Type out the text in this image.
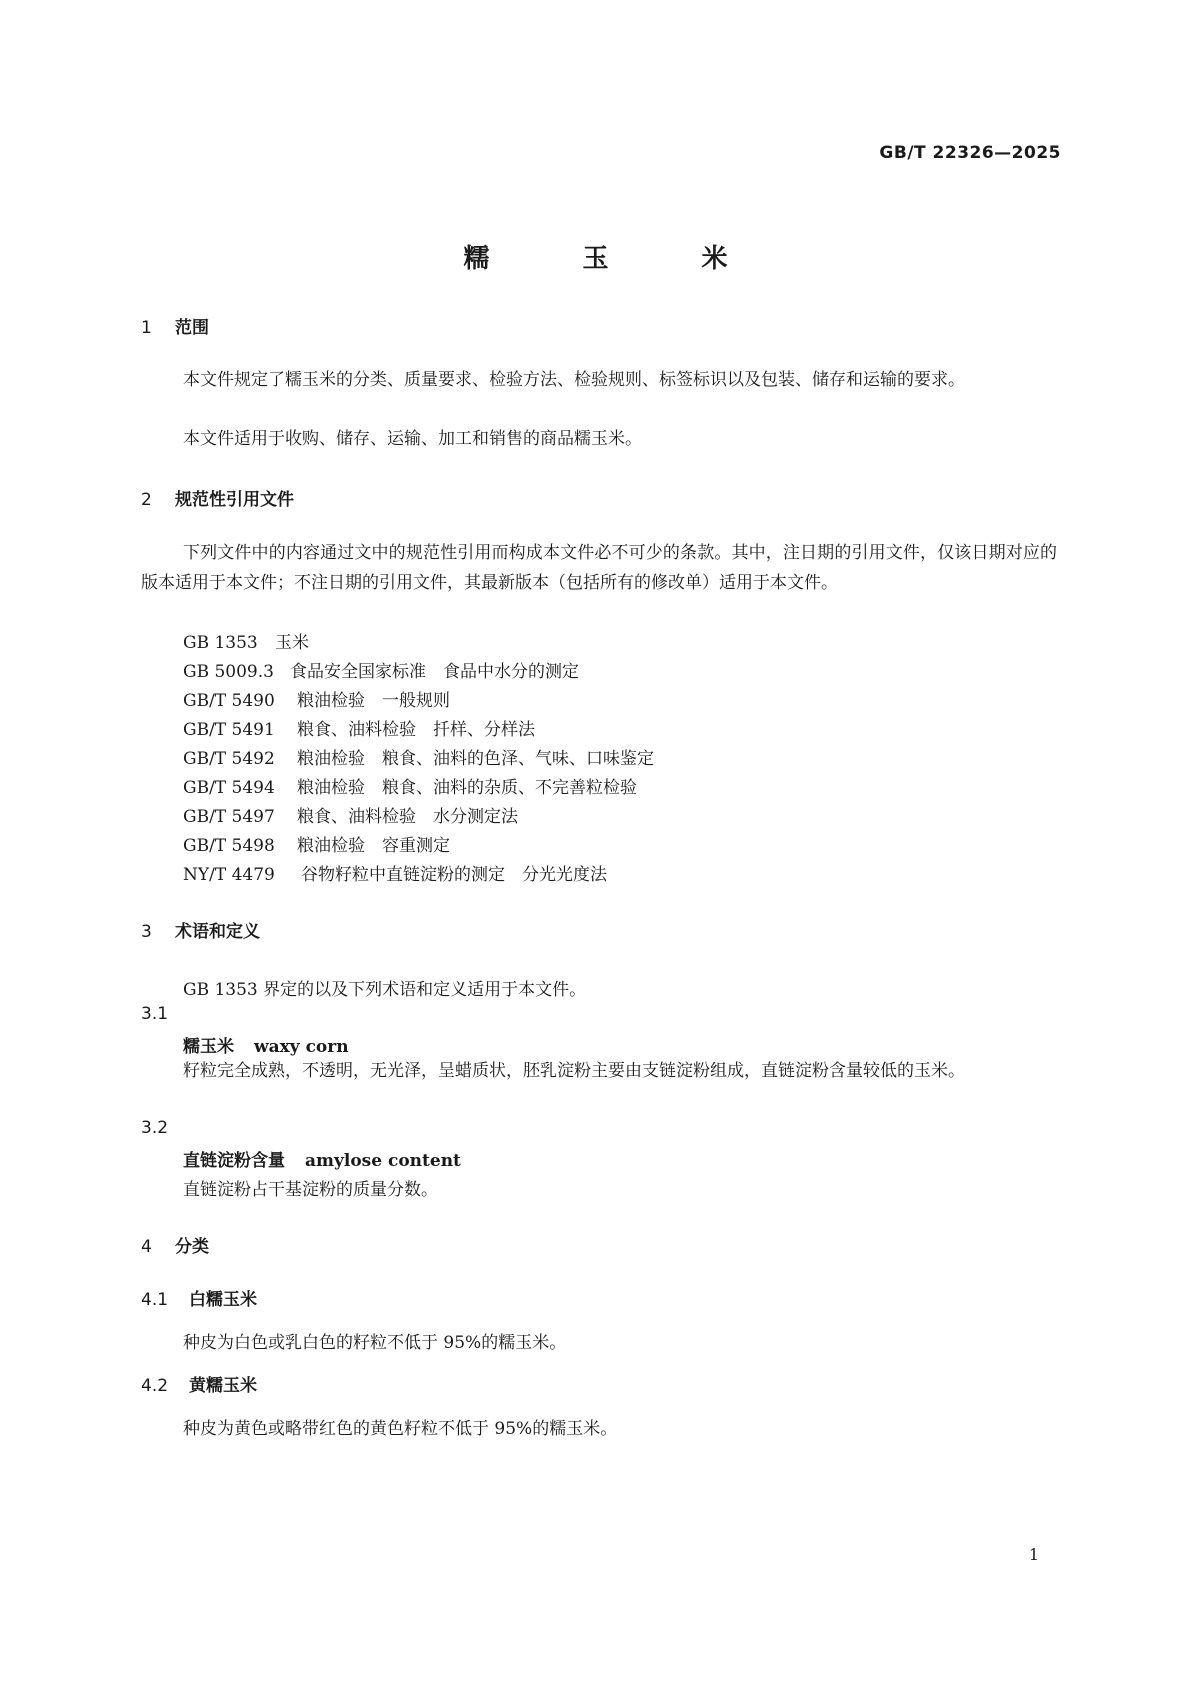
GB/T 22326—2025
糯 玉 米
1 范围
本文件规定了糯玉米的分类、质量要求、检验方法、检验规则、标签标识以及包装、储存和运输的要求。
本文件适用于收购、储存、运输、加工和销售的商品糯玉米。
2 规范性引用文件
下列文件中的内容通过文中的规范性引用而构成本文件必不可少的条款。其中，注日期的引用文件，仅该日期对应的版本适用于本文件；不注日期的引用文件，其最新版本（包括所有的修改单）适用于本文件。
GB 1353 玉米
GB 5009.3 食品安全国家标准　食品中水分的测定
GB/T 5490 粮油检验　一般规则
GB/T 5491 粮食、油料检验　扦样、分样法
GB/T 5492 粮油检验　粮食、油料的色泽、气味、口味鉴定
GB/T 5494 粮油检验　粮食、油料的杂质、不完善粒检验
GB/T 5497 粮食、油料检验　水分测定法
GB/T 5498 粮油检验　容重测定
NY/T 4479 谷物籽粒中直链淀粉的测定　分光光度法
3 术语和定义
GB 1353 界定的以及下列术语和定义适用于本文件。
3.1
糯玉米 waxy corn
籽粒完全成熟，不透明，无光泽，呈蜡质状，胚乳淀粉主要由支链淀粉组成，直链淀粉含量较低的玉米。
3.2
直链淀粉含量 amylose content
直链淀粉占干基淀粉的质量分数。
4 分类
4.1 白糯玉米
种皮为白色或乳白色的籽粒不低于 95%的糯玉米。
4.2 黄糯玉米
种皮为黄色或略带红色的黄色籽粒不低于 95%的糯玉米。
1
